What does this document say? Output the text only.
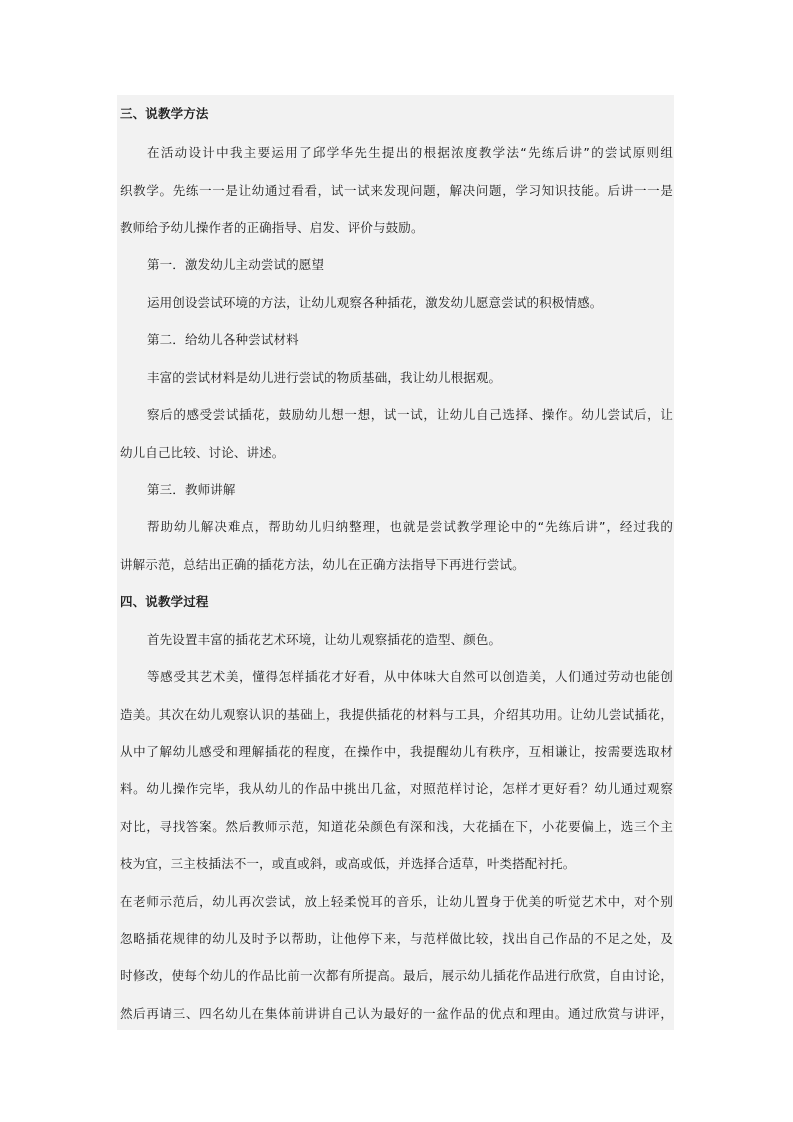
三、说教学方法
在活动设计中我主要运用了邱学华先生提出的根据浓度教学法“先练后讲”的尝试原则组
织教学。先练一一是让幼通过看看，试一试来发现问题，解决问题，学习知识技能。后讲一一是
教师给予幼儿操作者的正确指导、启发、评价与鼓励。
第一．激发幼儿主动尝试的愿望
运用创设尝试环境的方法，让幼儿观察各种插花，激发幼儿愿意尝试的积极情感。
第二．给幼儿各种尝试材料
丰富的尝试材料是幼儿进行尝试的物质基础，我让幼儿根据观。
察后的感受尝试插花，鼓励幼儿想一想，试一试，让幼儿自己选择、操作。幼儿尝试后，让
幼儿自己比较、讨论、讲述。
第三．教师讲解
帮助幼儿解决难点，帮助幼儿归纳整理，也就是尝试教学理论中的“先练后讲”，经过我的
讲解示范，总结出正确的插花方法，幼儿在正确方法指导下再进行尝试。
四、说教学过程
首先设置丰富的插花艺术环境，让幼儿观察插花的造型、颜色。
等感受其艺术美，懂得怎样插花才好看，从中体味大自然可以创造美，人们通过劳动也能创
造美。其次在幼儿观察认识的基础上，我提供插花的材料与工具，介绍其功用。让幼儿尝试插花，
从中了解幼儿感受和理解插花的程度，在操作中，我提醒幼儿有秩序，互相谦让，按需要选取材
料。幼儿操作完毕，我从幼儿的作品中挑出几盆，对照范样讨论，怎样才更好看？幼儿通过观察
对比，寻找答案。然后教师示范，知道花朵颜色有深和浅，大花插在下，小花要偏上，选三个主
枝为宜，三主枝插法不一，或直或斜，或高或低，并选择合适草，叶类搭配衬托。
在老师示范后，幼儿再次尝试，放上轻柔悦耳的音乐，让幼儿置身于优美的听觉艺术中，对个别
忽略插花规律的幼儿及时予以帮助，让他停下来，与范样做比较，找出自己作品的不足之处，及
时修改，使每个幼儿的作品比前一次都有所提高。最后，展示幼儿插花作品进行欣赏，自由讨论，
然后再请三、四名幼儿在集体前讲讲自己认为最好的一盆作品的优点和理由。通过欣赏与讲评，
